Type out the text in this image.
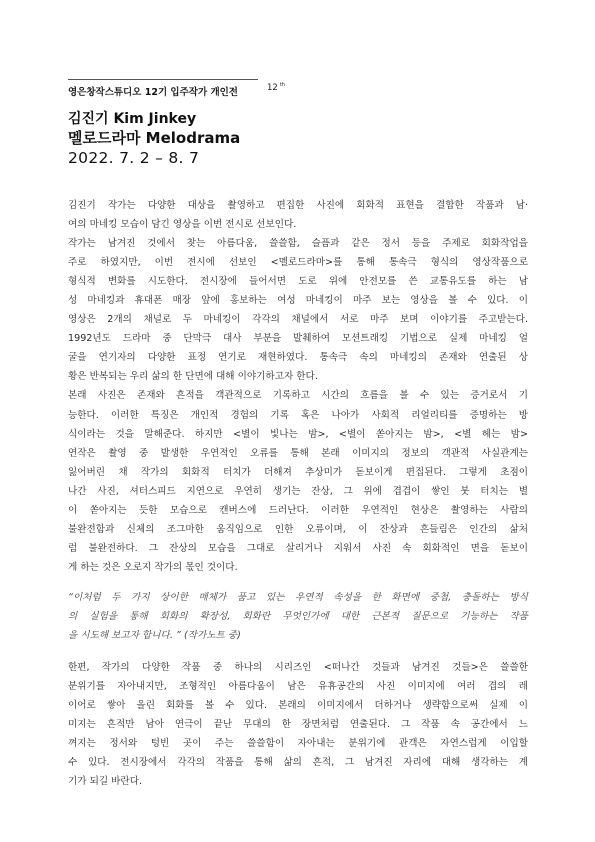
12 $^{th}$
영은창작스튜디오 12기 입주작가 개인전
김진기 Kim Jinkey
멜로드라마 Melodrama
2022. 7. 2 – 8. 7
김진기 작가는 다양한 대상을 촬영하고 편집한 사진에 회화적 표현을 결합한 작품과 남·
여의 마네킹 모습이 담긴 영상을 이번 전시로 선보인다.
작가는 남겨진 것에서 찾는 아름다움, 쓸쓸함, 슬픔과 같은 정서 등을 주제로 회화작업을
주로 하였지만, 이번 전시에 선보인 <멜로드라마>를 통해 통속극 형식의 영상작품으로
형식적 변화를 시도한다. 전시장에 들어서면 도로 위에 안전모를 쓴 교통유도를 하는 남
성 마네킹과 휴대폰 매장 앞에 홍보하는 여성 마네킹이 마주 보는 영상을 볼 수 있다. 이
영상은 2개의 채널로 두 마네킹이 각각의 채널에서 서로 마주 보며 이야기를 주고받는다.
1992년도 드라마 중 단막극 대사 부분을 발췌하여 모션트래킹 기법으로 실제 마네킹 얼
굴을 연기자의 다양한 표정 연기로 재현하였다. 통속극 속의 마네킹의 존재와 연출된 상
황은 반복되는 우리 삶의 한 단면에 대해 이야기하고자 한다.
본래 사진은 존재와 흔적을 객관적으로 기록하고 시간의 흐름을 볼 수 있는 증거로서 기
능한다. 이러한 특징은 개인적 경험의 기록 혹은 나아가 사회적 리얼리티를 증명하는 방
식이라는 것을 말해준다. 하지만 <별이 빛나는 밤>, <별이 쏟아지는 밤>, <별 헤는 밤>
연작은 촬영 중 발생한 우연적인 오류를 통해 본래 이미지의 정보의 객관적 사실관계는
잃어버린 채 작가의 회화적 터치가 더해져 추상미가 돋보이게 편집된다. 그렇게 초점이
나간 사진, 셔터스피드 지연으로 우연히 생기는 잔상, 그 위에 겹겹이 쌓인 붓 터치는 별
이 쏟아지는 듯한 모습으로 캔버스에 드러난다. 이러한 우연적인 현상은 촬영하는 사람의
불완전함과 신체의 조그마한 움직임으로 인한 오류이며, 이 잔상과 흔들림은 인간의 삶처
럼 불완전하다. 그 잔상의 모습을 그대로 살리거나 지워서 사진 속 회화적인 면을 돋보이
게 하는 것은 오로지 작가의 몫인 것이다.
“이처럼 두 가지 상이한 매체가 품고 있는 우연적 속성을 한 화면에 중첩, 충돌하는 방식
의 실험을 통해 회화의 확장성, 회화란 무엇인가에 대한 근본적 질문으로 기능하는 작품
을 시도해 보고자 합니다. ” (작가노트 중)
한편, 작가의 다양한 작품 중 하나의 시리즈인 <떠나간 것들과 남겨진 것들>은 쓸쓸한
분위기를 자아내지만, 조형적인 아름다움이 남은 유휴공간의 사진 이미지에 여러 겹의 레
이어로 쌓아 올린 회화를 볼 수 있다. 본래의 이미지에서 더하거나 생략함으로써 실제 이
미지는 흔적만 남아 연극이 끝난 무대의 한 장면처럼 연출된다. 그 작품 속 공간에서 느
껴지는 정서와 텅빈 곳이 주는 쓸쓸함이 자아내는 분위기에 관객은 자연스럽게 이입할
수 있다. 전시장에서 각각의 작품을 통해 삶의 흔적, 그 남겨진 자리에 대해 생각하는 계
기가 되길 바란다.
